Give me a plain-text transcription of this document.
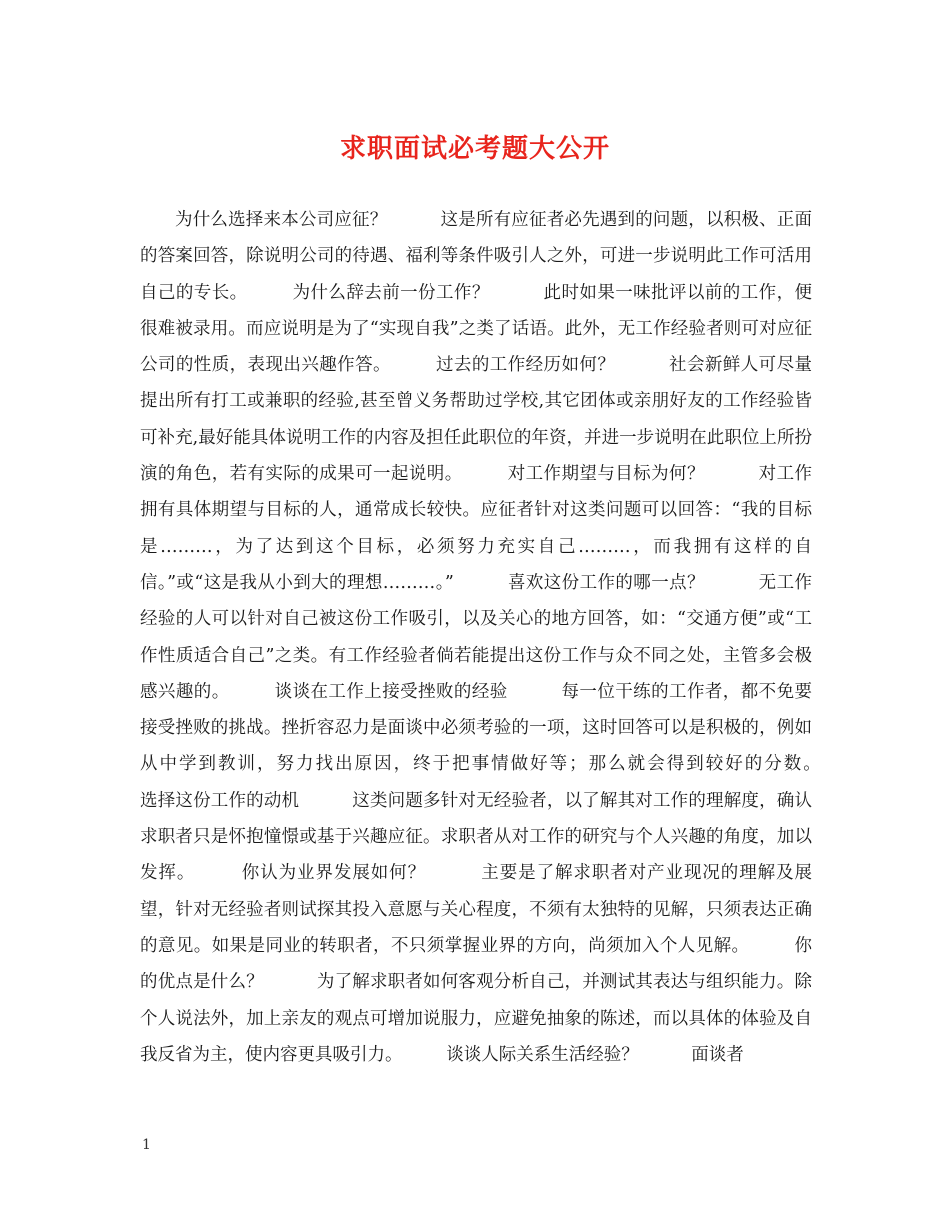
求职面试必考题大公开

为什么选择来本公司应征？　　　这是所有应征者必先遇到的问题，以积极、正面的答案回答，除说明公司的待遇、福利等条件吸引人之外，可进一步说明此工作可活用自己的专长。　　　为什么辞去前一份工作？　　　此时如果一味批评以前的工作，便很难被录用。而应说明是为了“实现自我”之类了话语。此外，无工作经验者则可对应征公司的性质，表现出兴趣作答。　　　过去的工作经历如何？　　　社会新鲜人可尽量提出所有打工或兼职的经验,甚至曾义务帮助过学校,其它团体或亲朋好友的工作经验皆可补充,最好能具体说明工作的内容及担任此职位的年资，并进一步说明在此职位上所扮演的角色，若有实际的成果可一起说明。　　　对工作期望与目标为何？　　　对工作拥有具体期望与目标的人，通常成长较快。应征者针对这类问题可以回答：“我的目标是………，为了达到这个目标，必须努力充实自己………，而我拥有这样的自信。”或“这是我从小到大的理想………。”　　　喜欢这份工作的哪一点？　　　无工作经验的人可以针对自己被这份工作吸引，以及关心的地方回答，如：“交通方便”或“工作性质适合自己”之类。有工作经验者倘若能提出这份工作与众不同之处，主管多会极感兴趣的。　　　谈谈在工作上接受挫败的经验　　　每一位干练的工作者，都不免要接受挫败的挑战。挫折容忍力是面谈中必须考验的一项，这时回答可以是积极的，例如从中学到教训，努力找出原因，终于把事情做好等；那么就会得到较好的分数。　　　选择这份工作的动机　　　这类问题多针对无经验者，以了解其对工作的理解度，确认求职者只是怀抱憧憬或基于兴趣应征。求职者从对工作的研究与个人兴趣的角度，加以发挥。　　　你认为业界发展如何？　　　主要是了解求职者对产业现况的理解及展望，针对无经验者则试探其投入意愿与关心程度，不须有太独特的见解，只须表达正确的意见。如果是同业的转职者，不只须掌握业界的方向，尚须加入个人见解。　　　你的优点是什么？　　　为了解求职者如何客观分析自己，并测试其表达与组织能力。除个人说法外，加上亲友的观点可增加说服力，应避免抽象的陈述，而以具体的体验及自我反省为主，使内容更具吸引力。　　　谈谈人际关系生活经验？　　　面谈者

1
